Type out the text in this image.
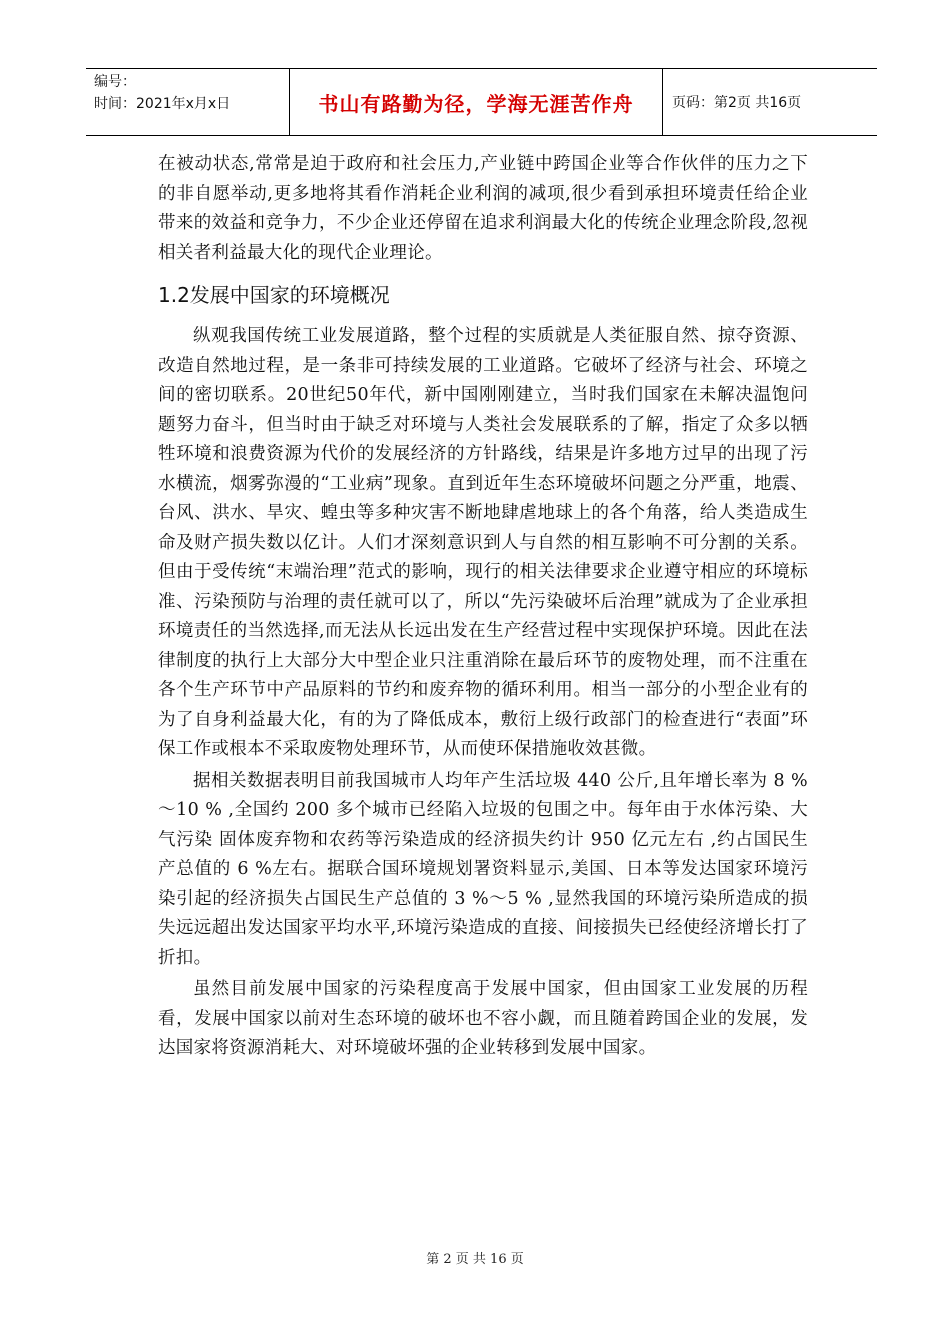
编号：
时间：2021年x月x日	书山有路勤为径，学海无涯苦作舟	页码：第2页 共16页

在被动状态,常常是迫于政府和社会压力,产业链中跨国企业等合作伙伴的压力之下的非自愿举动,更多地将其看作消耗企业利润的减项,很少看到承担环境责任给企业带来的效益和竞争力，不少企业还停留在追求利润最大化的传统企业理念阶段,忽视相关者利益最大化的现代企业理论。

1.2发展中国家的环境概况

纵观我国传统工业发展道路，整个过程的实质就是人类征服自然、掠夺资源、改造自然地过程，是一条非可持续发展的工业道路。它破坏了经济与社会、环境之间的密切联系。20世纪50年代，新中国刚刚建立，当时我们国家在未解决温饱问题努力奋斗，但当时由于缺乏对环境与人类社会发展联系的了解，指定了众多以牺牲环境和浪费资源为代价的发展经济的方针路线，结果是许多地方过早的出现了污水横流，烟雾弥漫的“工业病”现象。直到近年生态环境破坏问题之分严重，地震、台风、洪水、旱灾、蝗虫等多种灾害不断地肆虐地球上的各个角落，给人类造成生命及财产损失数以亿计。人们才深刻意识到人与自然的相互影响不可分割的关系。但由于受传统“末端治理”范式的影响，现行的相关法律要求企业遵守相应的环境标准、污染预防与治理的责任就可以了，所以“先污染破坏后治理”就成为了企业承担环境责任的当然选择,而无法从长远出发在生产经营过程中实现保护环境。因此在法律制度的执行上大部分大中型企业只注重消除在最后环节的废物处理，而不注重在各个生产环节中产品原料的节约和废弃物的循环利用。相当一部分的小型企业有的为了自身利益最大化，有的为了降低成本，敷衍上级行政部门的检查进行“表面”环保工作或根本不采取废物处理环节，从而使环保措施收效甚微。

据相关数据表明目前我国城市人均年产生活垃圾 440 公斤,且年增长率为 8 %～10 % ,全国约 200 多个城市已经陷入垃圾的包围之中。每年由于水体污染、大气污染 固体废弃物和农药等污染造成的经济损失约计 950 亿元左右 ,约占国民生产总值的 6 %左右。据联合国环境规划署资料显示,美国、日本等发达国家环境污染引起的经济损失占国民生产总值的 3 %～5 % ,显然我国的环境污染所造成的损失远远超出发达国家平均水平,环境污染造成的直接、间接损失已经使经济增长打了折扣。

虽然目前发展中国家的污染程度高于发展中国家，但由国家工业发展的历程看，发展中国家以前对生态环境的破坏也不容小觑，而且随着跨国企业的发展，发达国家将资源消耗大、对环境破坏强的企业转移到发展中国家。

第 2 页 共 16 页
